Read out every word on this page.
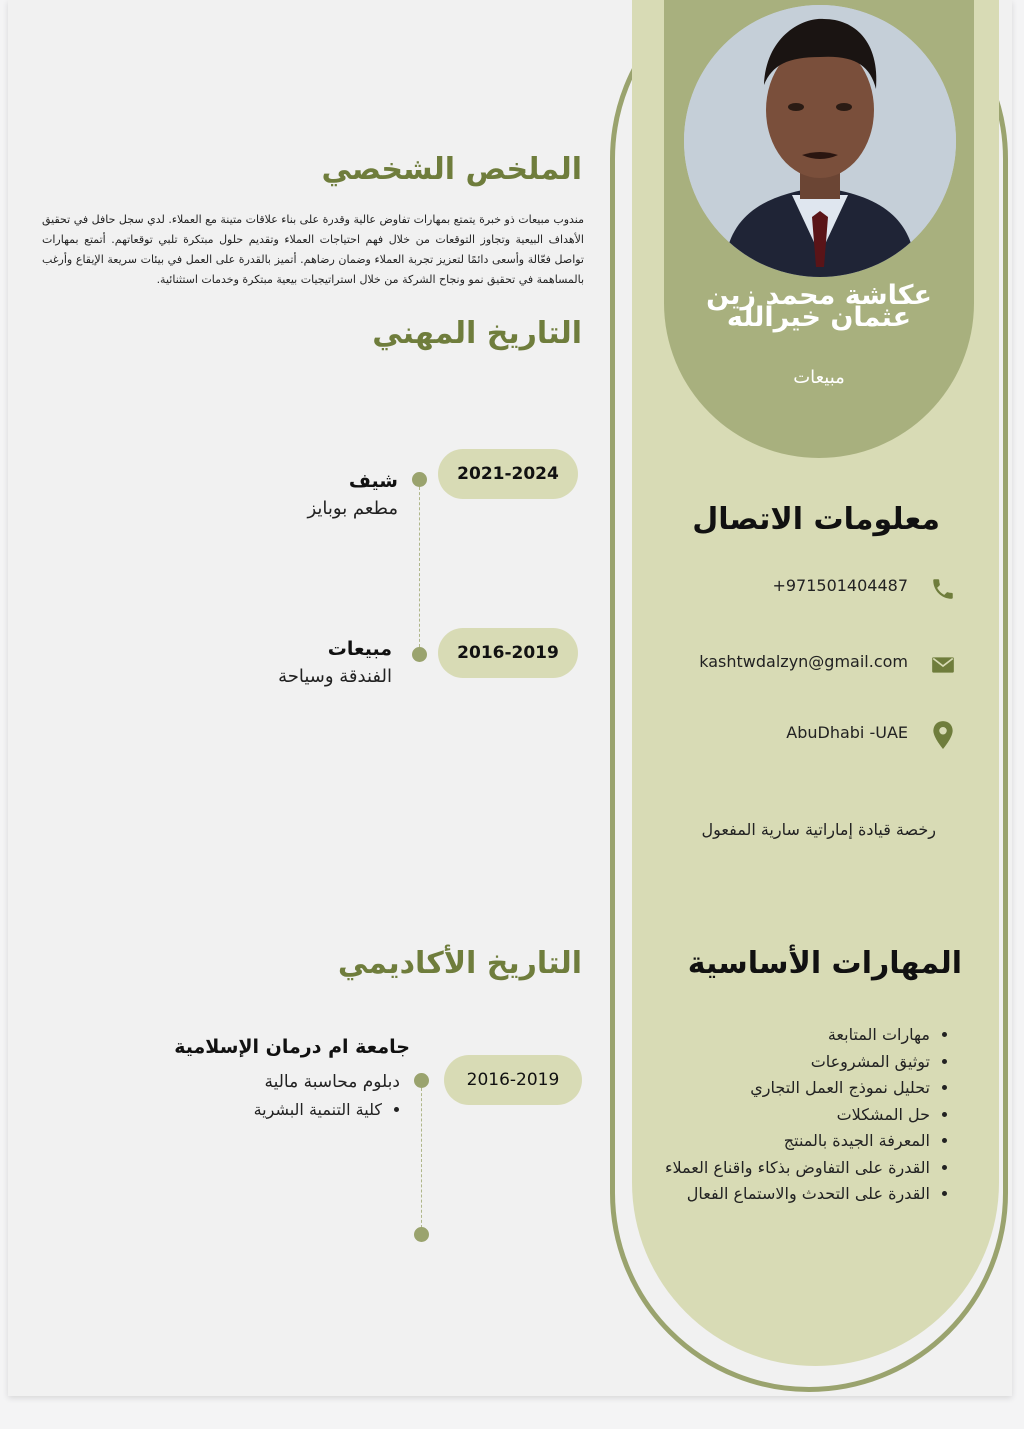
عكاشة محمد زين عثمان خيرالله
مبيعات
معلومات الاتصال
+971501404487
kashtwdalzyn@gmail.com
AbuDhabi -UAE
رخصة قيادة إماراتية سارية المفعول
المهارات الأساسية
• مهارات المتابعة
• توثيق المشروعات
• تحليل نموذج العمل التجاري
• حل المشكلات
• المعرفة الجيدة بالمنتج
• القدرة على التفاوض بذكاء واقناع العملاء
• القدرة على التحدث والاستماع الفعال
الملخص الشخصي
مندوب مبيعات ذو خبرة يتمتع بمهارات تفاوض عالية وقدرة على بناء علاقات متينة مع العملاء. لدي سجل حافل في تحقيق الأهداف البيعية وتجاوز التوقعات من خلال فهم احتياجات العملاء وتقديم حلول مبتكرة تلبي توقعاتهم. أتمتع بمهارات تواصل فعّالة وأسعى دائمًا لتعزيز تجربة العملاء وضمان رضاهم. أتميز بالقدرة على العمل في بيئات سريعة الإيقاع وأرغب بالمساهمة في تحقيق نمو ونجاح الشركة من خلال استراتيجيات بيعية مبتكرة وخدمات استثنائية.
التاريخ المهني
2021-2024
شيف
مطعم بوبايز
2016-2019
مبيعات
الفندقة وسياحة
التاريخ الأكاديمي
2016-2019
جامعة ام درمان الإسلامية
دبلوم محاسبة مالية
• كلية التنمية البشرية
